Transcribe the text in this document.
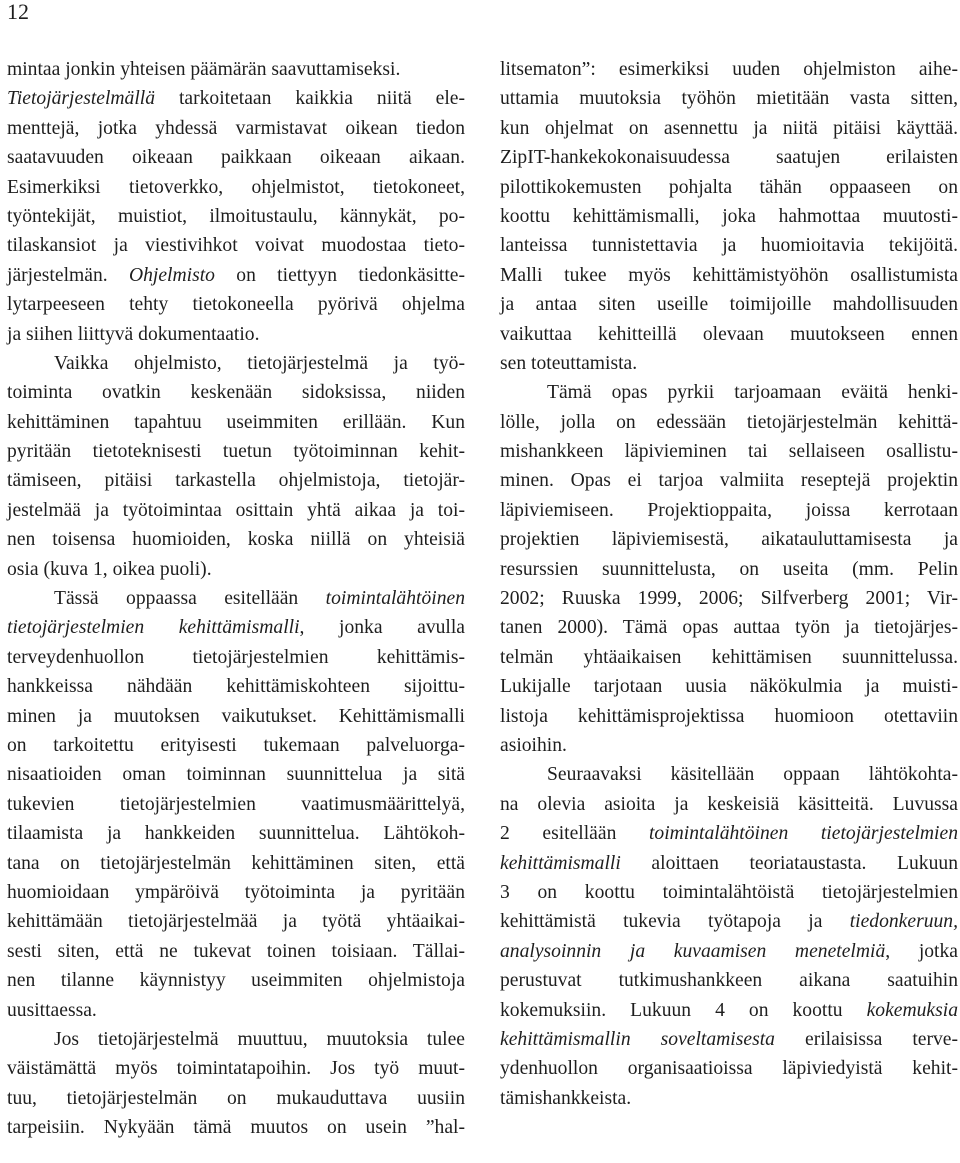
12
mintaa jonkin yhteisen päämärän saavuttamiseksi.
Tietojärjestelmällä tarkoitetaan kaikkia niitä ele-
menttejä, jotka yhdessä varmistavat oikean tiedon
saatavuuden oikeaan paikkaan oikeaan aikaan.
Esimerkiksi tietoverkko, ohjelmistot, tietokoneet,
työntekijät, muistiot, ilmoitustaulu, kännykät, po-
tilaskansiot ja viestivihkot voivat muodostaa tieto-
järjestelmän. Ohjelmisto on tiettyyn tiedonkäsitte-
lytarpeeseen tehty tietokoneella pyörivä ohjelma
ja siihen liittyvä dokumentaatio.
Vaikka ohjelmisto, tietojärjestelmä ja työ-
toiminta ovatkin keskenään sidoksissa, niiden
kehittäminen tapahtuu useimmiten erillään. Kun
pyritään tietoteknisesti tuetun työtoiminnan kehit-
tämiseen, pitäisi tarkastella ohjelmistoja, tietojär-
jestelmää ja työtoimintaa osittain yhtä aikaa ja toi-
nen toisensa huomioiden, koska niillä on yhteisiä
osia (kuva 1, oikea puoli).
Tässä oppaassa esitellään toimintalähtöinen
tietojärjestelmien kehittämismalli, jonka avulla
terveydenhuollon tietojärjestelmien kehittämis-
hankkeissa nähdään kehittämiskohteen sijoittu-
minen ja muutoksen vaikutukset. Kehittämismalli
on tarkoitettu erityisesti tukemaan palveluorga-
nisaatioiden oman toiminnan suunnittelua ja sitä
tukevien tietojärjestelmien vaatimusmäärittelyä,
tilaamista ja hankkeiden suunnittelua. Lähtökoh-
tana on tietojärjestelmän kehittäminen siten, että
huomioidaan ympäröivä työtoiminta ja pyritään
kehittämään tietojärjestelmää ja työtä yhtäaikai-
sesti siten, että ne tukevat toinen toisiaan. Tällai-
nen tilanne käynnistyy useimmiten ohjelmistoja
uusittaessa.
Jos tietojärjestelmä muuttuu, muutoksia tulee
väistämättä myös toimintatapoihin. Jos työ muut-
tuu, tietojärjestelmän on mukauduttava uusiin
tarpeisiin. Nykyään tämä muutos on usein ”hal-
litsematon”: esimerkiksi uuden ohjelmiston aihe-
uttamia muutoksia työhön mietitään vasta sitten,
kun ohjelmat on asennettu ja niitä pitäisi käyttää.
ZipIT-hankekokonaisuudessa saatujen erilaisten
pilottikokemusten pohjalta tähän oppaaseen on
koottu kehittämismalli, joka hahmottaa muutosti-
lanteissa tunnistettavia ja huomioitavia tekijöitä.
Malli tukee myös kehittämistyöhön osallistumista
ja antaa siten useille toimijoille mahdollisuuden
vaikuttaa kehitteillä olevaan muutokseen ennen
sen toteuttamista.
Tämä opas pyrkii tarjoamaan eväitä henki-
lölle, jolla on edessään tietojärjestelmän kehittä-
mishankkeen läpivieminen tai sellaiseen osallistu-
minen. Opas ei tarjoa valmiita reseptejä projektin
läpiviemiseen. Projektioppaita, joissa kerrotaan
projektien läpiviemisestä, aikatauluttamisesta ja
resurssien suunnittelusta, on useita (mm. Pelin
2002; Ruuska 1999, 2006; Silfverberg 2001; Vir-
tanen 2000). Tämä opas auttaa työn ja tietojärjes-
telmän yhtäaikaisen kehittämisen suunnittelussa.
Lukijalle tarjotaan uusia näkökulmia ja muisti-
listoja kehittämisprojektissa huomioon otettaviin
asioihin.
Seuraavaksi käsitellään oppaan lähtökohta-
na olevia asioita ja keskeisiä käsitteitä. Luvussa
2 esitellään toimintalähtöinen tietojärjestelmien
kehittämismalli aloittaen teoriataustasta. Lukuun
3 on koottu toimintalähtöistä tietojärjestelmien
kehittämistä tukevia työtapoja ja tiedonkeruun,
analysoinnin ja kuvaamisen menetelmiä, jotka
perustuvat tutkimushankkeen aikana saatuihin
kokemuksiin. Lukuun 4 on koottu kokemuksia
kehittämismallin soveltamisesta erilaisissa terve-
ydenhuollon organisaatioissa läpiviedyistä kehit-
tämishankkeista.
